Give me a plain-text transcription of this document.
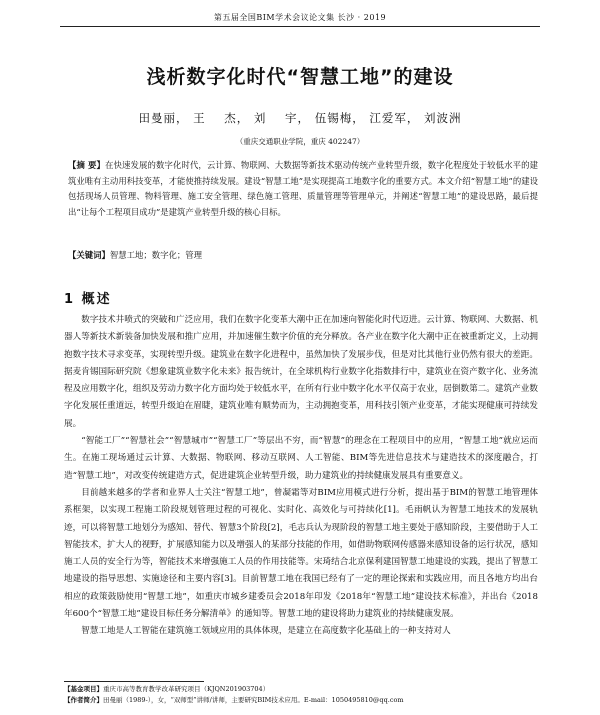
第五届全国BIM学术会议论文集 长沙 · 2019
浅析数字化时代“智慧工地”的建设
田曼丽， 王    杰， 刘    宇， 伍锡梅， 江爱军， 刘波洲
（重庆交通职业学院，重庆 402247）
【摘 要】在快速发展的数字化时代，云计算、物联网、大数据等新技术驱动传统产业转型升级，数字化程度处于较低水平的建筑业唯有主动用科技变革，才能使推持续发展。建设“智慧工地”是实现提高工地数字化的重要方式。本文介绍“智慧工地”的建设包括现场人员管理、物料管理、施工安全管理、绿色施工管理、质量管理等管理单元，并阐述“智慧工地”的建设思路，最后提出“让每个工程项目成功”是建筑产业转型升级的核心目标。
【关键词】智慧工地；数字化；管理
1 概述

数字技术井喷式的突破和广泛应用，我们在数字化变革大潮中正在加速向智能化时代迈进。云计算、物联网、大数据、机器人等新技术新装备加快发展和推广应用，并加速催生数字价值的充分释放。各产业在数字化大潮中正在被重新定义，上动拥抱数字技术寻求变革，实现转型升级。建筑业在数字化进程中，虽然加快了发展步伐，但是对比其他行业仍然有很大的差距。据麦肯锡国际研究院《想象建筑业数字化未来》报告统计，在全球机构行业数字化指数排行中，建筑业在资产数字化、业务流程及应用数字化，组织及劳动力数字化方面均处于较低水平，在所有行业中数字化水平仅高于农业，居倒数第二。建筑产业数字化发展任重道远，转型升级迫在眉睫，建筑业唯有顺势而为，主动拥抱变革，用科技引领产业变革，才能实现健康可持续发展。

“智能工厂”“智慧社会”“智慧城市”“智慧工厂”等层出不穷，而“智慧”的理念在工程项目中的应用，“智慧工地”就应运而生。在施工现场通过云计算、大数据、物联网、移动互联网、人工智能、BIM等先进信息技术与建造技术的深度融合，打造“智慧工地”，对改变传统建造方式，促进建筑企业转型升级，助力建筑业的持续健康发展具有重要意义。

目前越来越多的学者和业界人士关注“智慧工地”，曾凝霜等对BIM应用模式进行分析，提出基于BIM的智慧工地管理体系框架，以实现工程施工阶段规划管理过程的可视化、实时化、高效化与可持续化[1]。毛雨帆认为智慧工地技术的发展轨迹，可以将智慧工地划分为感知、替代、智慧3个阶段[2]，毛志兵认为现阶段的智慧工地主要处于感知阶段，主要借助于人工智能技术，扩大人的视野，扩展感知能力以及增强人的某部分技能的作用，如借助物联网传感器来感知设备的运行状况，感知施工人员的安全行为等，智能技术来增强施工人员的作用技能等。宋琦结合北京保利建国智慧工地建设的实践，提出了智慧工地建设的指导思想、实施途径和主要内容[3]。目前智慧工地在我国已经有了一定的理论探索和实践应用，而且各地方均出台相应的政策鼓励使用“智慧工地”，如重庆市城乡建委员会2018年印发《2018年“智慧工地”建设技术标准》，并出台《2018年600个“智慧工地”建设目标任务分解清单》的通知等。智慧工地的建设将助力建筑业的持续健康发展。

智慧工地是人工智能在建筑施工领域应用的具体体现，是建立在高度数字化基础上的一种支持对人

【基金项目】重庆市高等教育教学改革研究项目（KJQN201903704）
【作者简介】田曼丽（1989-），女，“双师型”讲师/讲师，主要研究BIM技术应用。E-mail：1050495810@qq.com
